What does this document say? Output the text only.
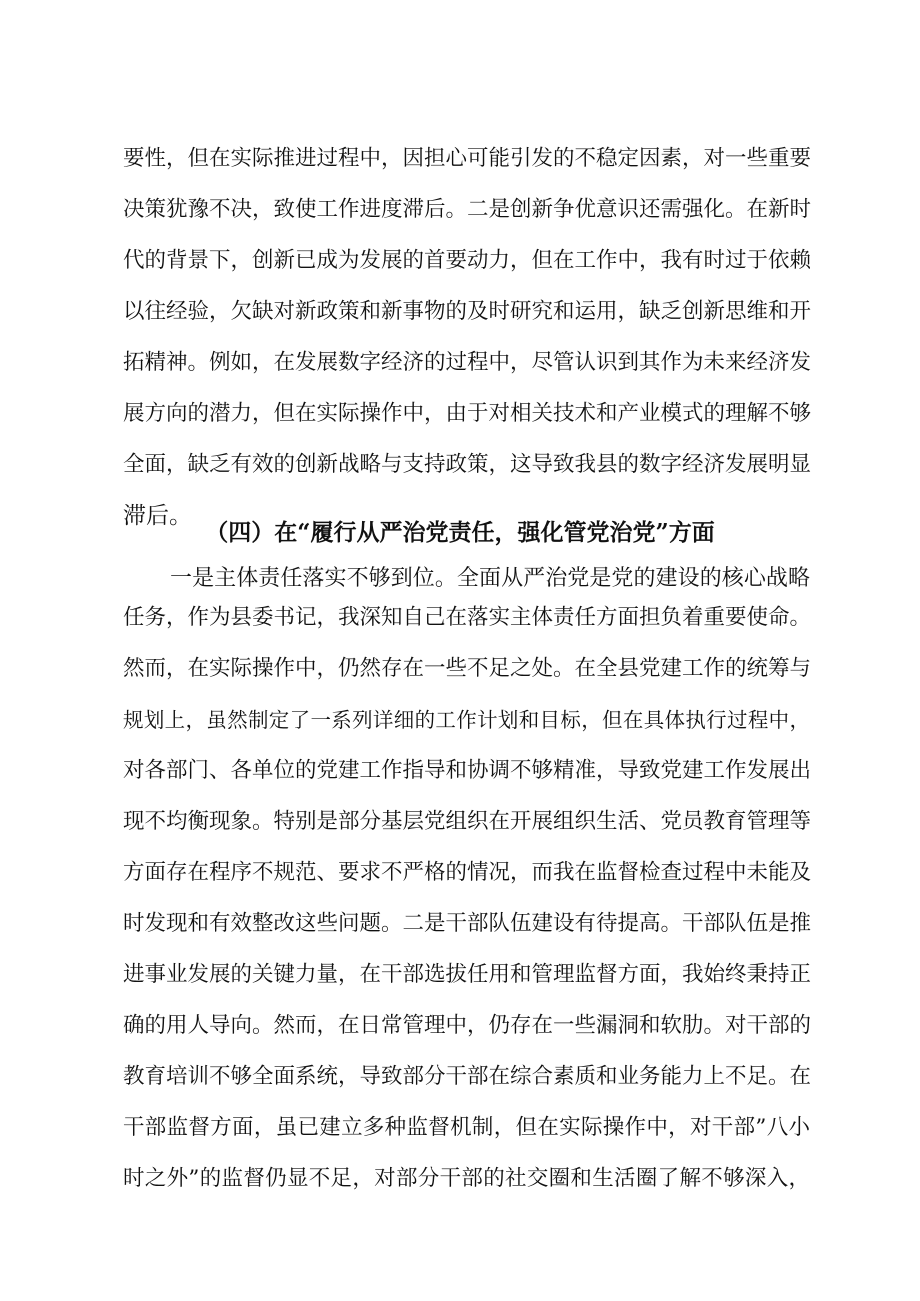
要性，但在实际推进过程中，因担心可能引发的不稳定因素，对一些重要
决策犹豫不决，致使工作进度滞后。二是创新争优意识还需强化。在新时
代的背景下，创新已成为发展的首要动力，但在工作中，我有时过于依赖
以往经验，欠缺对新政策和新事物的及时研究和运用，缺乏创新思维和开
拓精神。例如，在发展数字经济的过程中，尽管认识到其作为未来经济发
展方向的潜力，但在实际操作中，由于对相关技术和产业模式的理解不够
全面，缺乏有效的创新战略与支持政策，这导致我县的数字经济发展明显
滞后。
（四）在“履行从严治党责任，强化管党治党”方面
一是主体责任落实不够到位。全面从严治党是党的建设的核心战略
任务，作为县委书记，我深知自己在落实主体责任方面担负着重要使命。
然而，在实际操作中，仍然存在一些不足之处。在全县党建工作的统筹与
规划上，虽然制定了一系列详细的工作计划和目标，但在具体执行过程中，
对各部门、各单位的党建工作指导和协调不够精准，导致党建工作发展出
现不均衡现象。特别是部分基层党组织在开展组织生活、党员教育管理等
方面存在程序不规范、要求不严格的情况，而我在监督检查过程中未能及
时发现和有效整改这些问题。二是干部队伍建设有待提高。干部队伍是推
进事业发展的关键力量，在干部选拔任用和管理监督方面，我始终秉持正
确的用人导向。然而，在日常管理中，仍存在一些漏洞和软肋。对干部的
教育培训不够全面系统，导致部分干部在综合素质和业务能力上不足。在
干部监督方面，虽已建立多种监督机制，但在实际操作中，对干部”八小
时之外”的监督仍显不足，对部分干部的社交圈和生活圈了解不够深入，
